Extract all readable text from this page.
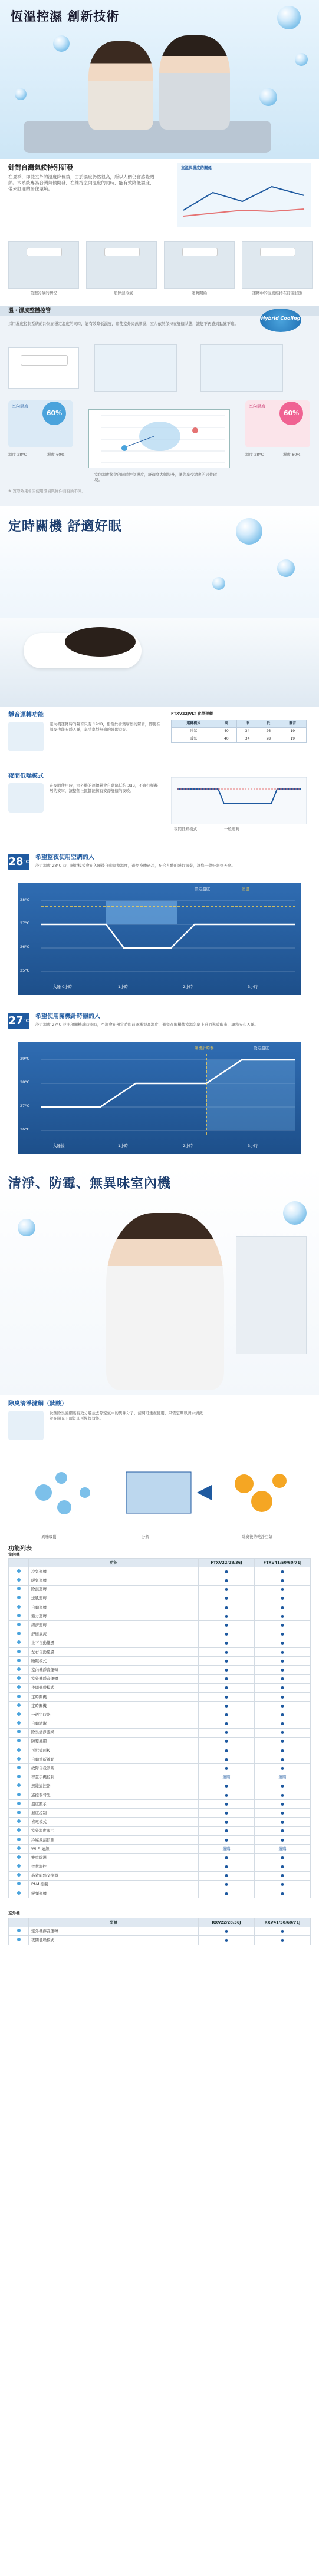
恆溫控濕 創新技術
針對台灣氣候特別研發
在夏季，即使室外的溫度降低後，由於濕度仍然很高，所以人們仍會感覺悶熱。本系統專為台灣氣候開發，在維持室內溫度的同時，能有效降低濕度，帶來舒適的居住環境。
室溫與濕度的關係
舊型冷氣的情況	一般除濕冷氣	運轉開始	運轉中的濕度維持在舒適狀態
溫・濕度整體控管
Hybrid Cooling
採用濕度控制系統的冷氣在穩定溫度的同時，能有效降低濕度，即使室外炎熱潮濕，室內依然保持在舒適狀態，讓您不再感到黏膩不適。
室內濕度
60%
室內濕度
60%
溫度 28°C	濕度 60%	溫度 28°C	濕度 80%
室內溫度變化的同時控制濕度，舒適度大幅提升，讓您享受清爽的居住環境。
※ 實際效果會因使用環境與條件而有所不同。
定時關機 舒適好眠
靜音運轉功能
室內機運轉時的聲音只有 19dB，相當於樹葉摩擦的聲音，即使在深夜也能安靜入睡，享受寧靜舒適的睡眠時光。
FTXV22JVLT 化學運轉
運轉模式	高	中	低	靜音
冷氣	40	34	26	19
暖氣	40	34	28	19
夜間低噪模式
在夜間使用時，室外機的運轉聲會自動降低約 3dB，不會打擾鄰居的安寧，讓整個社區都能擁有安靜舒適的夜晚。
夜間低噪模式	一般運轉
$28^{^\circ C}$
希望整夜使用空調的人
設定溫度 28°C 時，睡眠模式會在入睡後自動調整溫度，避免身體過冷，配合人體的睡眠節奏，讓您一覺好眠到天亮。
28°C
27°C
26°C
25°C
入睡 0小時	1小時	2小時	3小時
設定溫度	室溫
$27^{^\circ C}$
希望使用關機計時器的人
設定溫度 27°C 並開啟關機計時器時，空調會在預定時間前逐漸提高溫度，避免在關機後室溫急劇上升而導致醒來，讓您安心入睡。
29°C
28°C
27°C
26°C
入睡後	1小時	2小時	3小時
關機計時器	設定溫度
清淨、防霉、無異味室內機
除臭清淨濾網（鈦酸）
鈦酸除臭濾網能有效分解並去除空氣中的異味分子，濾網可重複使用，只需定期以清水清洗並在陽光下曬乾即可恢復效能。
異味吸附	分解	除臭後的乾淨空氣
功能列表
室內機
	功能	FTXV22/28/36J	FTXV41/50/60/71J
	冷氣運轉	●	●
	暖氣運轉	●	●
	除濕運轉	●	●
	送風運轉	●	●
	自動運轉	●	●
	強力運轉	●	●
	經濟運轉	●	●
	舒適氣流	●	●
	上下自動擺風	●	●
	左右自動擺風	●	●
	睡眠模式	●	●
	室內機靜音運轉	●	●
	室外機靜音運轉	●	●
	夜間低噪模式	●	●
	定時開機	●	●
	定時關機	●	●
	一週定時器	●	●
	自動清潔	●	●
	除臭清淨濾網	●	●
	防霉濾網	●	●
	可拆式面板	●	●
	自動重新啟動	●	●
	故障自我診斷	●	●
	智慧手機控制	選購	選購
	無線遙控器	●	●
	遙控器背光	●	●
	溫度顯示	●	●
	濕度控制	●	●
	省電模式	●	●
	室外溫度顯示	●	●
	冷媒洩漏偵測	●	●
	Wi-Fi 連線	選購	選購
	雙重除濕	●	●
	智慧溫控	●	●
	高效能熱交換器	●	●
	PAM 控制	●	●
	變頻運轉	●	●
室外機
	型號	RXV22/28/36J	RXV41/50/60/71J
	室外機靜音運轉	●	●
	夜間低噪模式	●	●
